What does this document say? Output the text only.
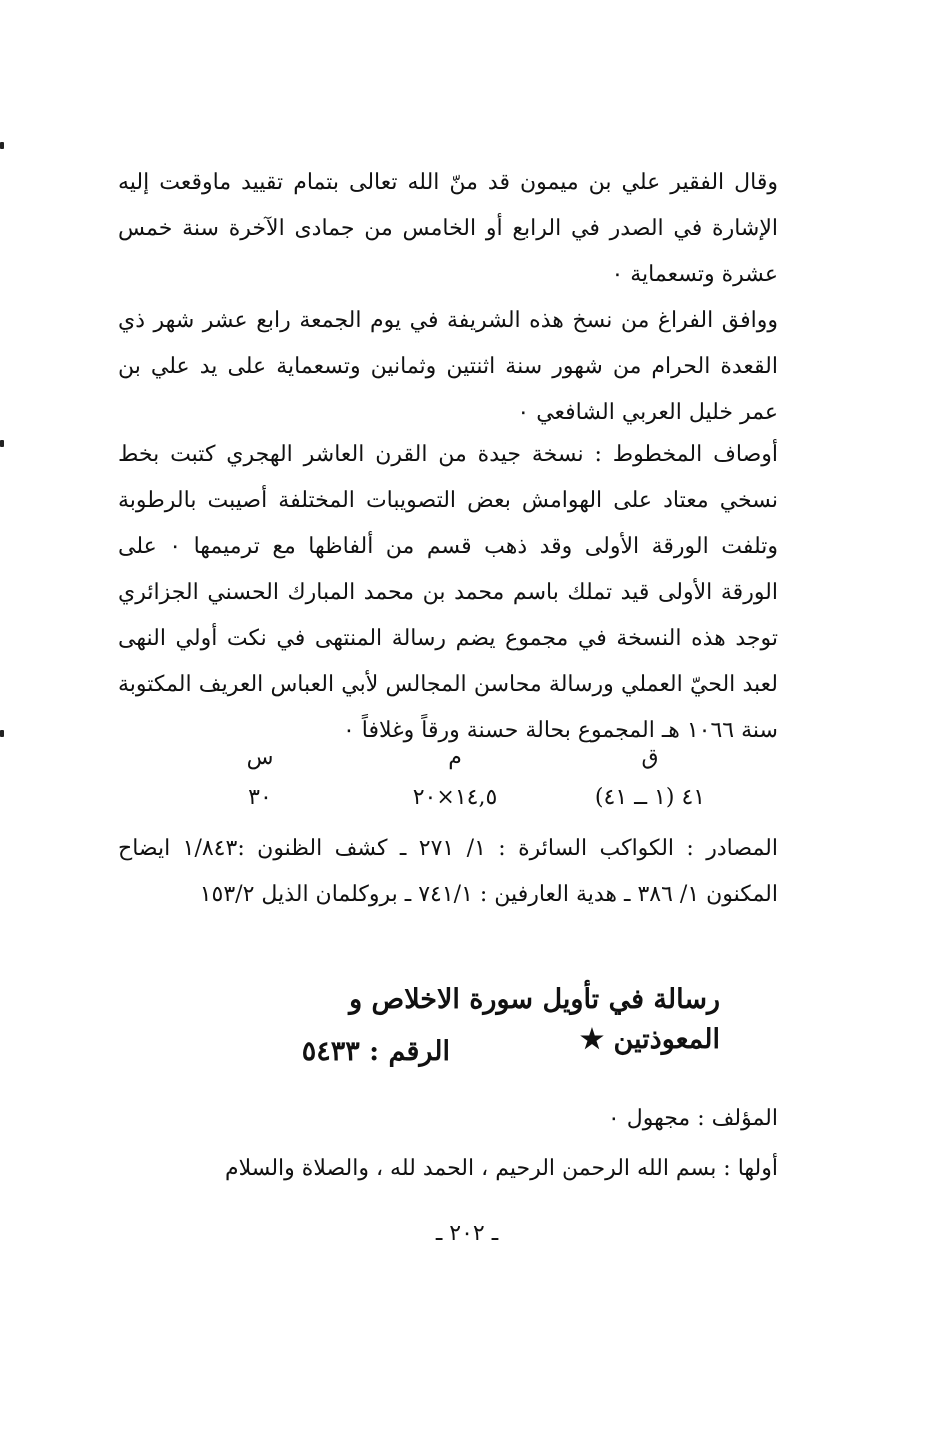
وقال الفقير علي بن ميمون قد منّ الله تعالى بتمام تقييد ماوقعت إليه الإشارة في الصدر في الرابع أو الخامس من جمادى الآخرة سنة خمس عشرة وتسعماية ٠

ووافق الفراغ من نسخ هذه الشريفة في يوم الجمعة رابع عشر شهر ذي القعدة الحرام من شهور سنة اثنتين وثمانين وتسعماية على يد علي بن عمر خليل العربي الشافعي ٠

أوصاف المخطوط : نسخة جيدة من القرن العاشر الهجري كتبت بخط نسخي معتاد على الهوامش بعض التصويبات المختلفة أصيبت بالرطوبة وتلفت الورقة الأولى وقد ذهب قسم من ألفاظها مع ترميمها ٠ على الورقة الأولى قيد تملك باسم محمد بن محمد المبارك الحسني الجزائري توجد هذه النسخة في مجموع يضم رسالة المنتهى في نكت أولي النهى لعبد الحيّ العملي ورسالة محاسن المجالس لأبي العباس العريف المكتوبة سنة ١٠٦٦ هـ المجموع بحالة حسنة ورقاً وغلافاً ٠

ق
٤١ (١ ــ ٤١)
م
١٤,٥×٢٠
س
٣٠

المصادر : الكواكب السائرة : ١/ ٢٧١ ـ كشف الظنون :١/٨٤٣ ايضاح المكنون ١/ ٣٨٦ ـ هدية العارفين : ٧٤١/١ ـ بروكلمان الذيل ١٥٣/٢

رسالة في تأويل سورة الاخلاص و المعوذتين ★
الرقم : ٥٤٣٣

المؤلف : مجهول ٠

أولها : بسم الله الرحمن الرحيم ، الحمد لله ، والصلاة والسلام

ـ ٢٠٢ ـ
